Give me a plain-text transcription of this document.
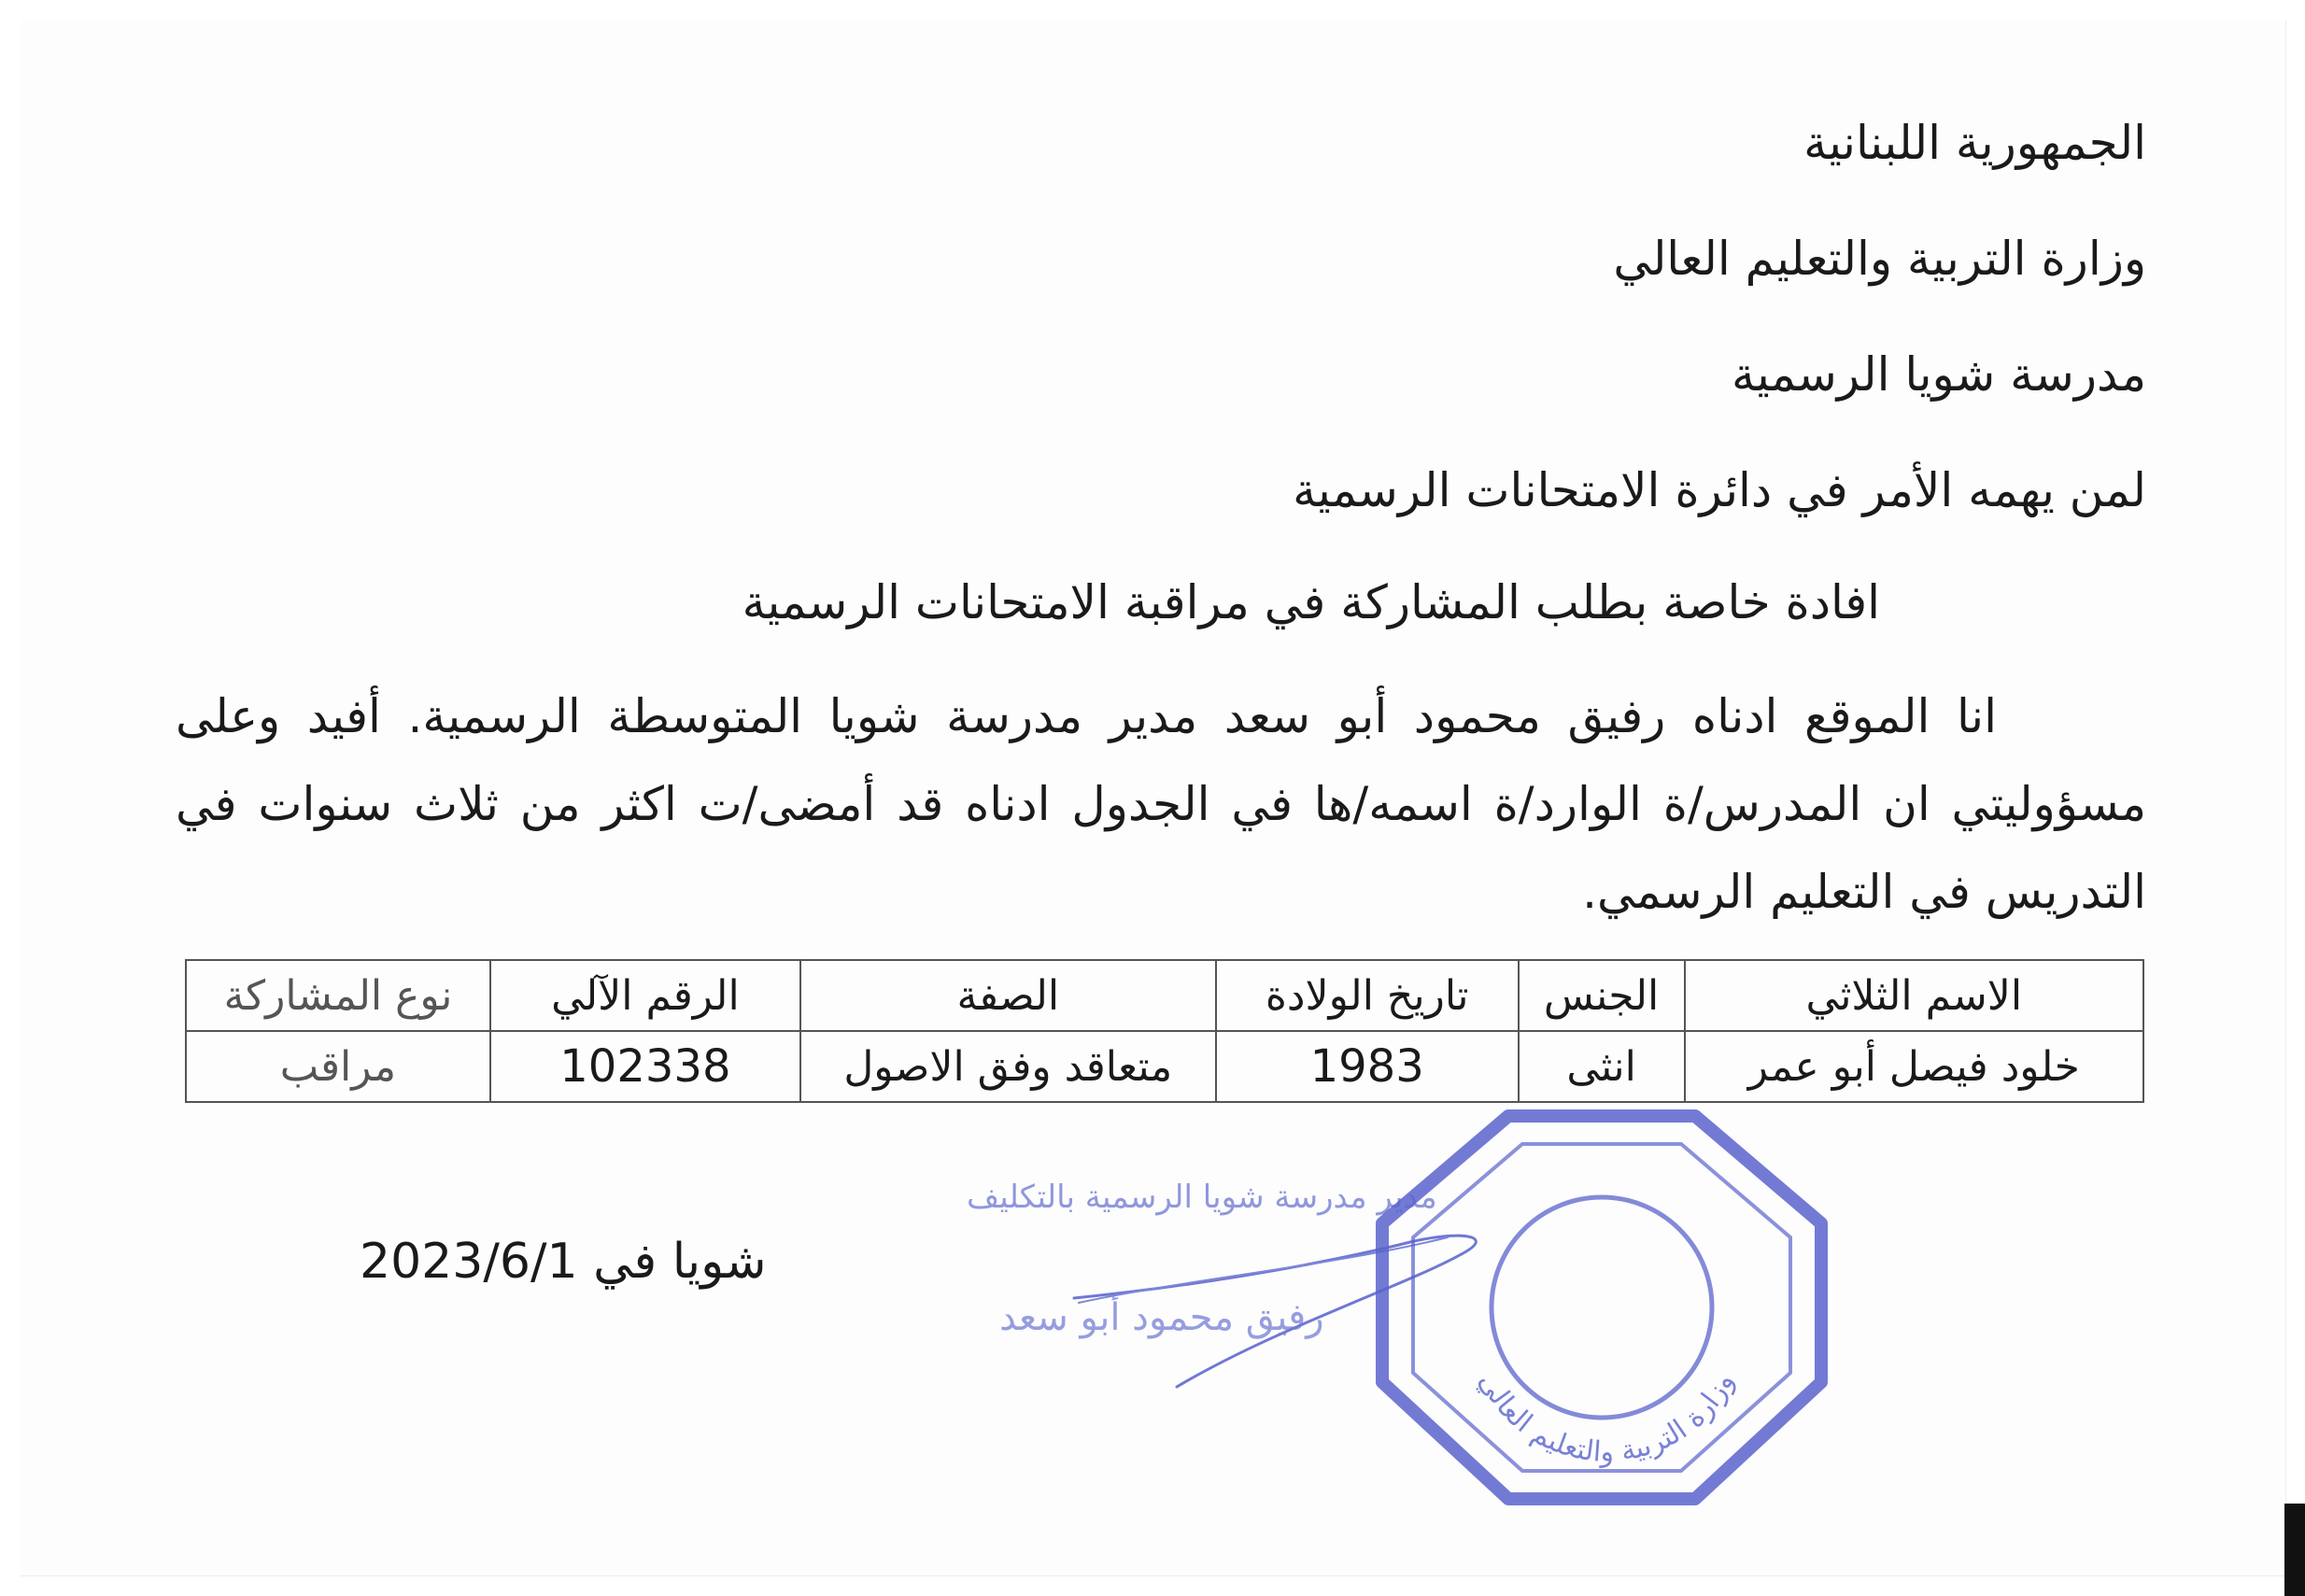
الجمهورية اللبنانية
وزارة التربية والتعليم العالي
مدرسة شويا الرسمية
لمن يهمه الأمر في دائرة الامتحانات الرسمية
افادة خاصة بطلب المشاركة في مراقبة الامتحانات الرسمية
انا الموقع ادناه رفيق محمود أبو سعد مدير مدرسة شويا المتوسطة الرسمية. أفيد وعلى مسؤوليتي ان المدرس/ة الوارد/ة اسمه/ها في الجدول ادناه قد أمضى/ت اكثر من ثلاث سنوات في التدريس في التعليم الرسمي.
الاسم الثلاثي	الجنس	تاريخ الولادة	الصفة	الرقم الآلي	نوع المشاركة
خلود فيصل أبو عمر	انثى	1983	متعاقد وفق الاصول	102338	مراقب
شويا في 2023/6/1
مدير مدرسة شويا الرسمية بالتكليف
رفيق محمود أبو سعد
وزارة التربية والتعليم العالي
